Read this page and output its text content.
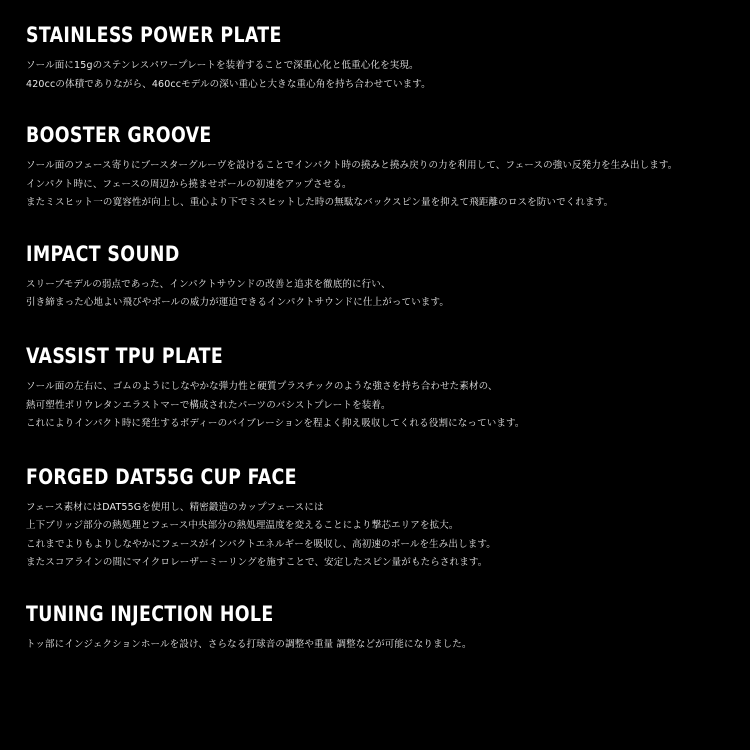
STAINLESS POWER PLATE
ソール面に15gのステンレスパワープレートを装着することで深重心化と低重心化を実現。
420ccの体積でありながら、460ccモデルの深い重心と大きな重心角を持ち合わせています。
BOOSTER GROOVE
ソール面のフェース寄りにブースターグルーヴを設けることでインパクト時の撓みと撓み戻りの力を利用して、フェースの強い反発力を生み出します。
インパクト時に、フェースの周辺から撓ませボールの初速をアップさせる。
またミスヒット一の寛容性が向上し、重心より下でミスヒットした時の無駄なバックスピン量を抑えて飛距離のロスを防いでくれます。
IMPACT SOUND
スリーブモデルの弱点であった、インパクトサウンドの改善と追求を徹底的に行い、
引き締まった心地よい飛びやボールの威力が運迫できるインパクトサウンドに仕上がっています。
VASSIST TPU PLATE
ソール面の左右に、ゴムのようにしなやかな弾力性と硬質プラスチックのような強さを持ち合わせた素材の、
熱可塑性ポリウレタンエラストマーで構成されたパーツのバシストプレートを装着。
これによりインパクト時に発生するボディーのバイブレーションを程よく抑え吸収してくれる役割になっています。
FORGED DAT55G CUP FACE
フェース素材にはDAT55Gを使用し、精密鍛造のカップフェースには
上下ブリッジ部分の熱処理とフェース中央部分の熱処理温度を変えることにより撃芯エリアを拡大。
これまでよりもよりしなやかにフェースがインパクトエネルギーを吸収し、高初速のボールを生み出します。
またスコアラインの間にマイクロレーザーミーリングを施すことで、安定したスピン量がもたらされます。
TUNING INJECTION HOLE
トッ部にインジェクションホールを設け、さらなる打球音の調整や重量 調整などが可能になりました。
